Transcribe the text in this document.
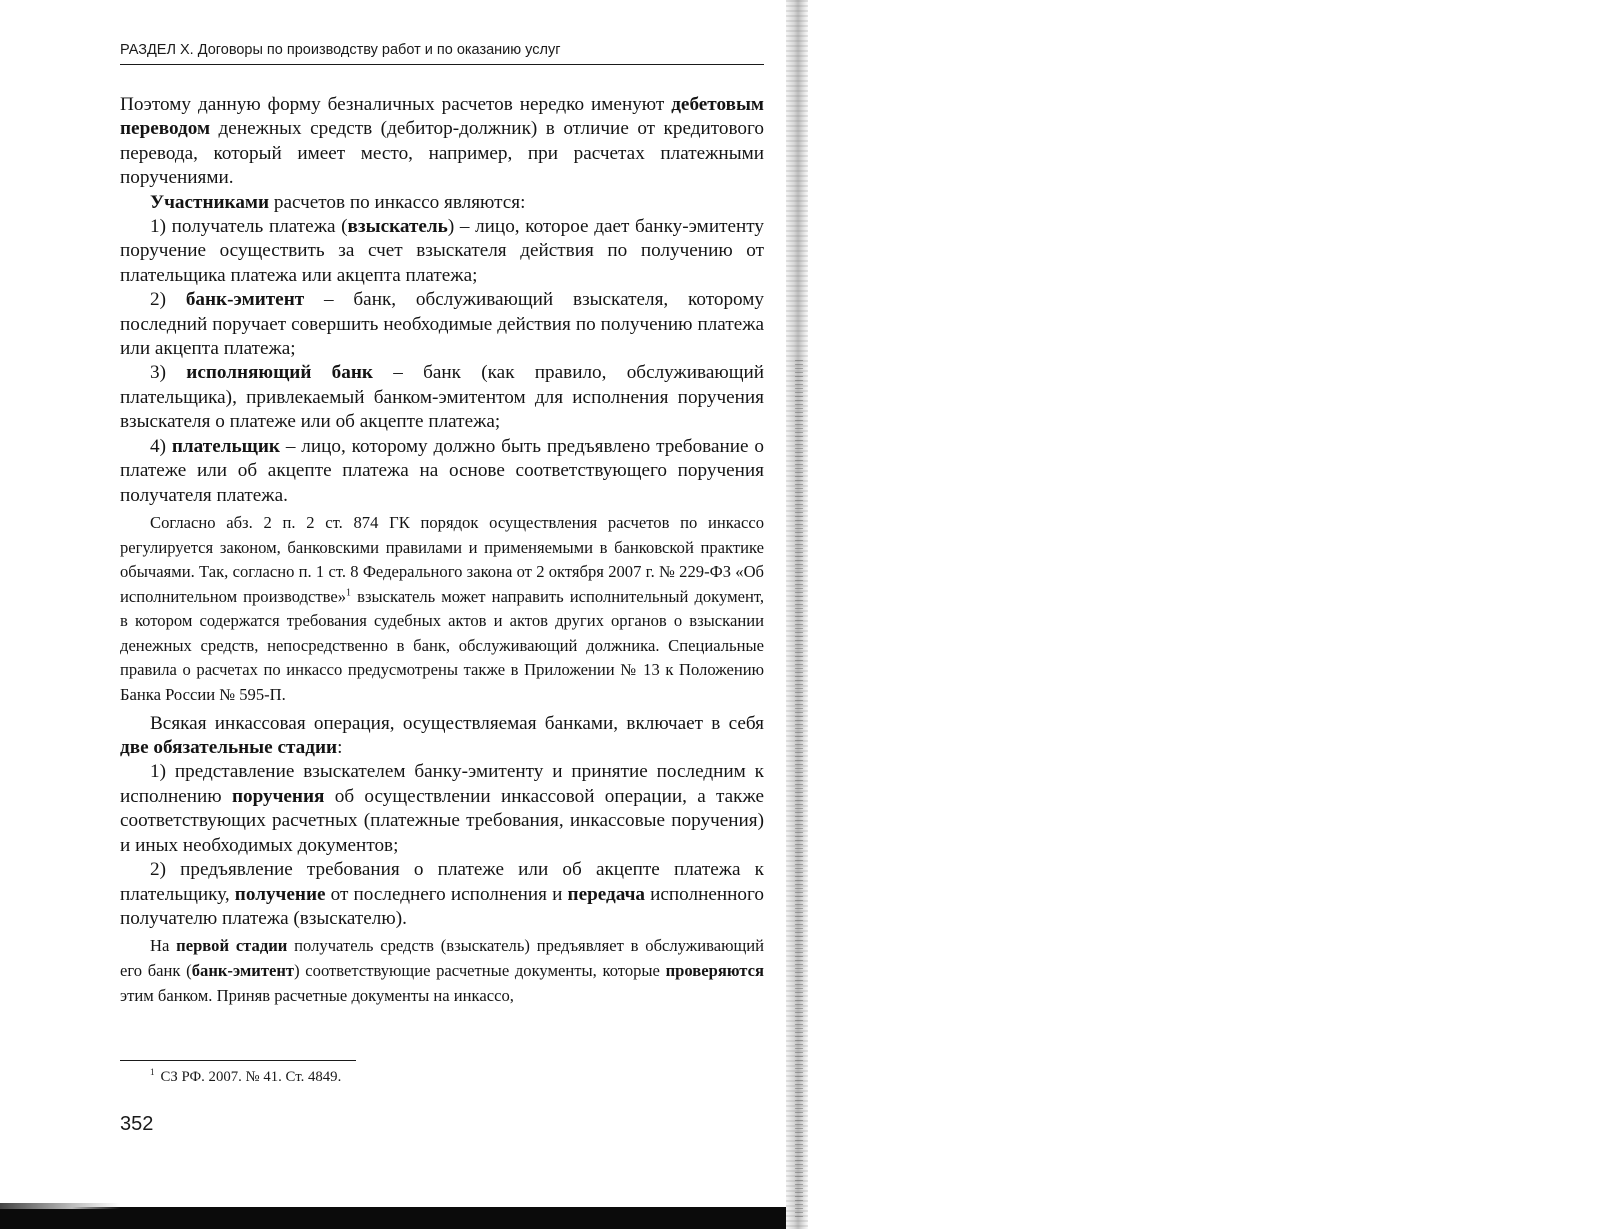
РАЗДЕЛ X. Договоры по производству работ и по оказанию услуг

Поэтому данную форму безналичных расчетов нередко именуют дебетовым переводом денежных средств (дебитор-должник) в отличие от кредитового перевода, который имеет место, например, при расчетах платежными поручениями.

Участниками расчетов по инкассо являются:

1) получатель платежа (взыскатель) – лицо, которое дает банку-эмитенту поручение осуществить за счет взыскателя действия по получению от плательщика платежа или акцепта платежа;

2) банк-эмитент – банк, обслуживающий взыскателя, которому последний поручает совершить необходимые действия по получению платежа или акцепта платежа;

3) исполняющий банк – банк (как правило, обслуживающий плательщика), привлекаемый банком-эмитентом для исполнения поручения взыскателя о платеже или об акцепте платежа;

4) плательщик – лицо, которому должно быть предъявлено требование о платеже или об акцепте платежа на основе соответствующего поручения получателя платежа.

Согласно абз. 2 п. 2 ст. 874 ГК порядок осуществления расчетов по инкассо регулируется законом, банковскими правилами и применяемыми в банковской практике обычаями. Так, согласно п. 1 ст. 8 Федерального закона от 2 октября 2007 г. № 229-ФЗ «Об исполнительном производстве»$^1$ взыскатель может направить исполнительный документ, в котором содержатся требования судебных актов и актов других органов о взыскании денежных средств, непосредственно в банк, обслуживающий должника. Специальные правила о расчетах по инкассо предусмотрены также в Приложении № 13 к Положению Банка России № 595-П.

Всякая инкассовая операция, осуществляемая банками, включает в себя две обязательные стадии:

1) представление взыскателем банку-эмитенту и принятие последним к исполнению поручения об осуществлении инкассовой операции, а также соответствующих расчетных (платежные требования, инкассовые поручения) и иных необходимых документов;

2) предъявление требования о платеже или об акцепте платежа к плательщику, получение от последнего исполнения и передача исполненного получателю платежа (взыскателю).

На первой стадии получатель средств (взыскатель) предъявляет в обслуживающий его банк (банк-эмитент) соответствующие расчетные документы, которые проверяются этим банком. Приняв расчетные документы на инкассо,

$^1$ СЗ РФ. 2007. № 41. Ст. 4849.
352
